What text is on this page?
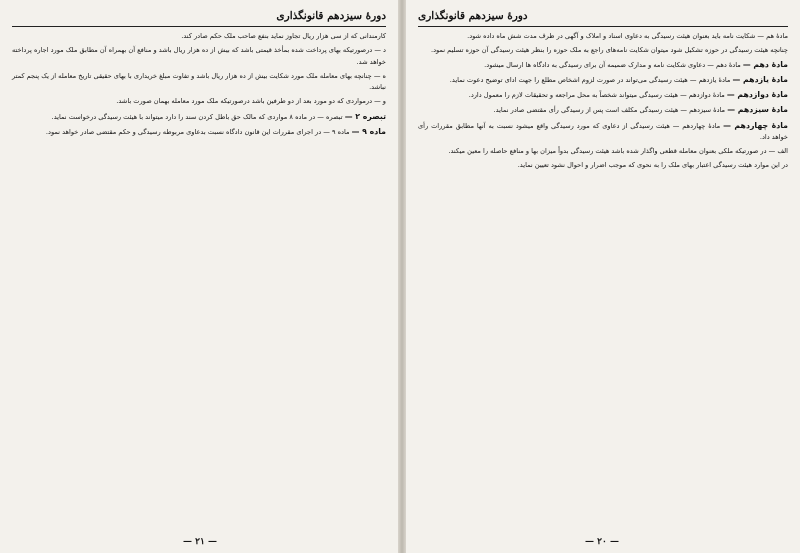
دورهٔ سیزدهم قانونگذاری

کارمندانی که از سی هزار ریال تجاوز نماید بنفع صاحب ملک حکم صادر کند.

د — درصورتیکه بهای پرداخت شده بمأخذ قیمتی باشد که بیش از ده هزار ریال باشد و منافع آن بهمراه آن مطابق ملک مورد اجاره پرداخته خواهد شد.

ه — چنانچه بهای معامله ملک مورد شکایت بیش از ده هزار ریال باشد و تفاوت مبلغ خریداری با بهای حقیقی تاریخ معامله از یک پنجم کمتر نباشد.

و — درمواردی که دو مورد بعد از دو طرفین باشد درصورتیکه ملک مورد معامله بهمان صورت باشد.

تبصره ۲ — تبصره — در ماده ۸ مواردی که مالک حق باطل کردن سند را دارد میتواند با هیئت رسیدگی درخواست نماید.

ماده ۹ — ماده ۹ — در اجرای مقررات این قانون دادگاه نسبت بدعاوی مربوطه رسیدگی و حکم مقتضی صادر خواهد نمود.

— ۲۱ —
دورهٔ سیزدهم قانونگذاری

مادهٔ هم — شکایت نامه باید بعنوان هیئت رسیدگی به دعاوی اسناد و املاک و آگهی در ظرف مدت شش ماه داده شود.

چنانچه هیئت رسیدگی در حوزه تشکیل شود میتوان شکایت نامه‌های راجع به ملک حوزه را بنظر هیئت رسیدگی آن حوزه تسلیم نمود.

مادهٔ دهم — مادهٔ دهم — دعاوی شکایت نامه و مدارک ضمیمه آن برای رسیدگی به دادگاه ها ارسال میشود.

مادهٔ یازدهم — مادهٔ یازدهم — هیئت رسیدگی می‌تواند در صورت لزوم اشخاص مطلع را جهت ادای توضیح دعوت نماید.

مادهٔ دوازدهم — مادهٔ دوازدهم — هیئت رسیدگی میتواند شخصاً به محل مراجعه و تحقیقات لازم را معمول دارد.

مادهٔ سیزدهم — مادهٔ سیزدهم — هیئت رسیدگی مکلف است پس از رسیدگی رأی مقتضی صادر نماید.

مادهٔ چهاردهم — مادهٔ چهاردهم — هیئت رسیدگی از دعاوی که مورد رسیدگی واقع میشود نسبت به آنها مطابق مقررات رأی خواهد داد.

الف — در صورتیکه ملکی بعنوان معامله قطعی واگذار شده باشد هیئت رسیدگی بدواً میزان بها و منافع حاصله را معین میکند.

در این موارد هیئت رسیدگی اعتبار بهای ملک را به نحوی که موجب اضرار و احوال نشود تعیین نماید.

— ۲۰ —
